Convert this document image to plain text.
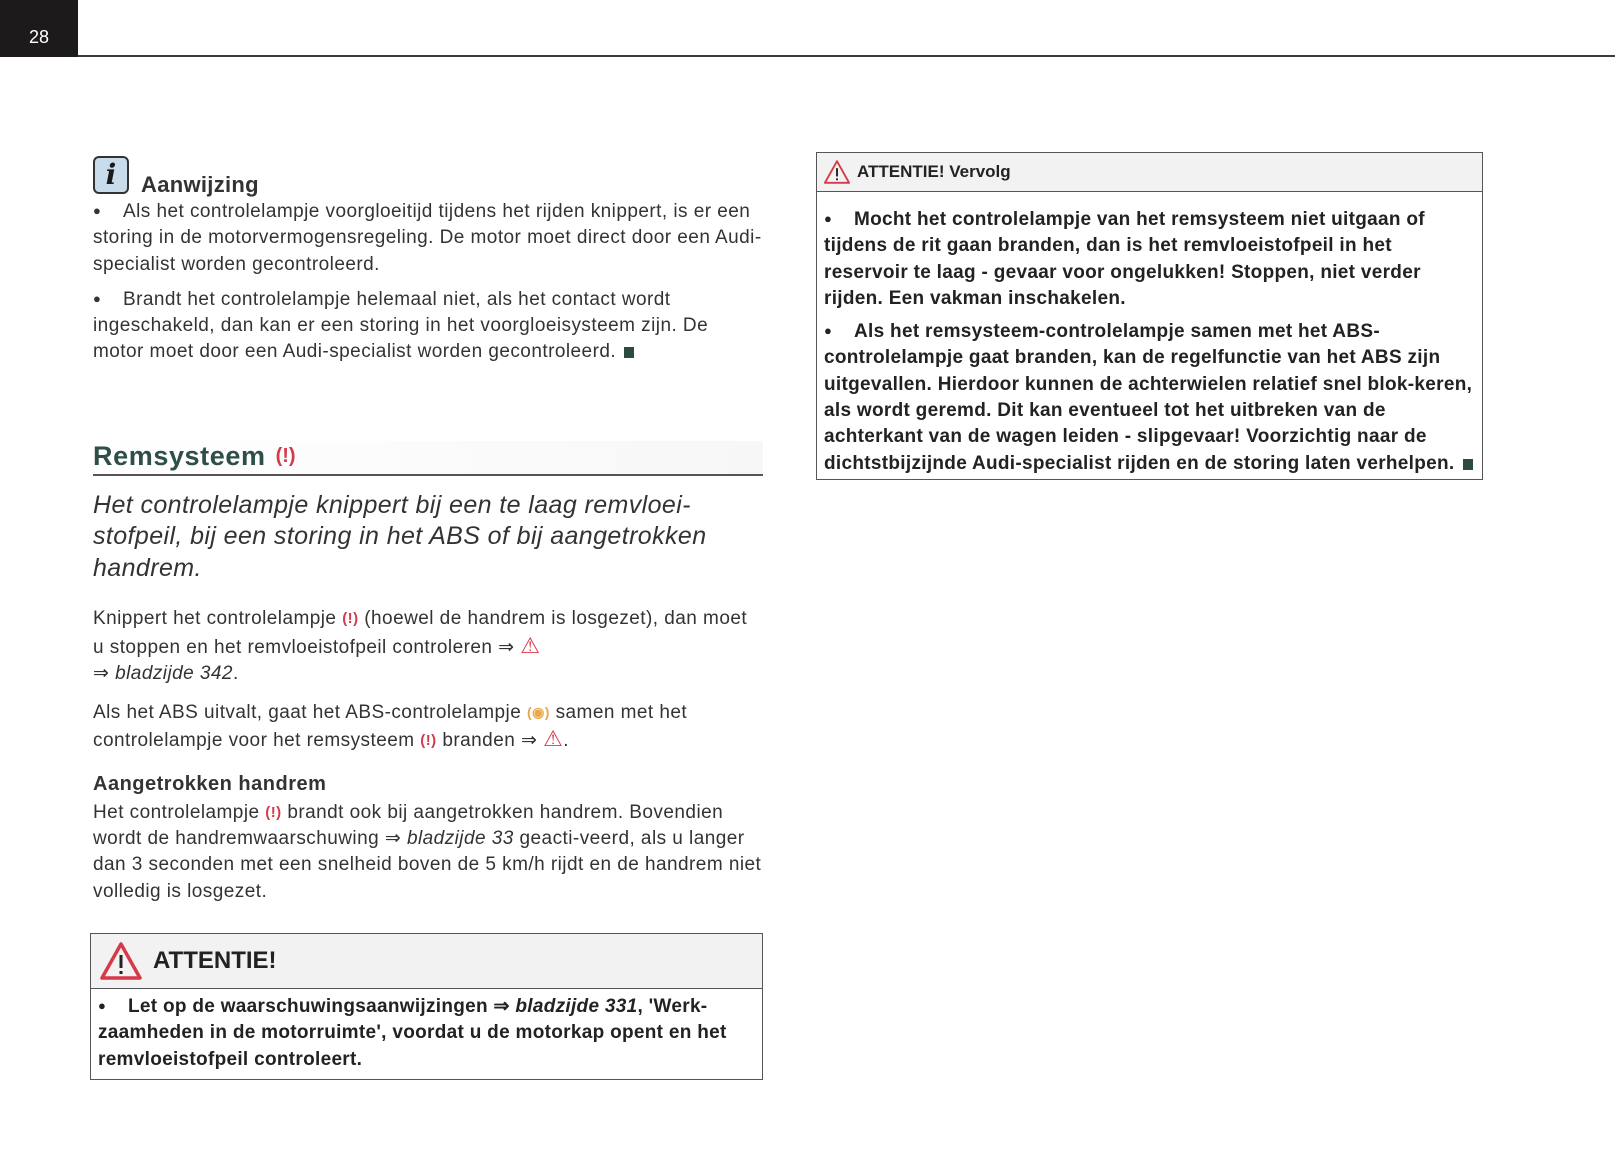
28
i Aanwijzing

●Als het controlelampje voorgloeitijd tijdens het rijden knippert, is er een storing in de motorvermogensregeling. De motor moet direct door een Audi-specialist worden gecontroleerd.

●Brandt het controlelampje helemaal niet, als het contact wordt ingeschakeld, dan kan er een storing in het voorgloeisysteem zijn. De motor moet door een Audi-specialist worden gecontroleerd.

Remsysteem (!)

Het controlelampje knippert bij een te laag remvloei-stofpeil, bij een storing in het ABS of bij aangetrokken handrem.

Knippert het controlelampje (!) (hoewel de handrem is losgezet), dan moet u stoppen en het remvloeistofpeil controleren ⇒ ⚠
⇒ bladzijde 342.

Als het ABS uitvalt, gaat het ABS-controlelampje (◉) samen met het controlelampje voor het remsysteem (!) branden ⇒ ⚠.

Aangetrokken handrem

Het controlelampje (!) brandt ook bij aangetrokken handrem. Bovendien wordt de handremwaarschuwing ⇒ bladzijde 33 geacti-veerd, als u langer dan 3 seconden met een snelheid boven de 5 km/h rijdt en de handrem niet volledig is losgezet.

ATTENTIE!
●Let op de waarschuwingsaanwijzingen ⇒ bladzijde 331, 'Werk-zaamheden in de motorruimte', voordat u de motorkap opent en het remvloeistofpeil controleert.
ATTENTIE! Vervolg
●Mocht het controlelampje van het remsysteem niet uitgaan of tijdens de rit gaan branden, dan is het remvloeistofpeil in het reservoir te laag - gevaar voor ongelukken! Stoppen, niet verder rijden. Een vakman inschakelen.
●Als het remsysteem-controlelampje samen met het ABS-controlelampje gaat branden, kan de regelfunctie van het ABS zijn uitgevallen. Hierdoor kunnen de achterwielen relatief snel blok-keren, als wordt geremd. Dit kan eventueel tot het uitbreken van de achterkant van de wagen leiden - slipgevaar! Voorzichtig naar de dichtstbijzijnde Audi-specialist rijden en de storing laten verhelpen.
